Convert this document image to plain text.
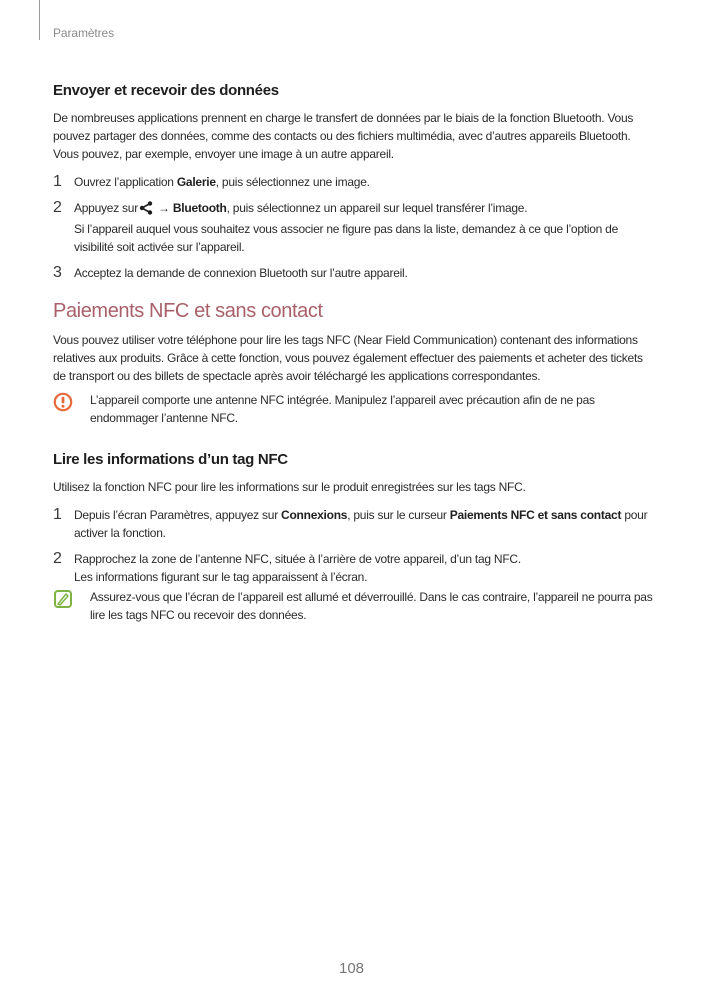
Paramètres
Envoyer et recevoir des données

De nombreuses applications prennent en charge le transfert de données par le biais de la fonction Bluetooth. Vous pouvez partager des données, comme des contacts ou des fichiers multimédia, avec d’autres appareils Bluetooth. Vous pouvez, par exemple, envoyer une image à un autre appareil.

1	Ouvrez l’application Galerie, puis sélectionnez une image.
2	Appuyez sur → Bluetooth, puis sélectionnez un appareil sur lequel transférer l’image.
Si l’appareil auquel vous souhaitez vous associer ne figure pas dans la liste, demandez à ce que l’option de visibilité soit activée sur l’appareil.
3	Acceptez la demande de connexion Bluetooth sur l’autre appareil.
Paiements NFC et sans contact

Vous pouvez utiliser votre téléphone pour lire les tags NFC (Near Field Communication) contenant des informations relatives aux produits. Grâce à cette fonction, vous pouvez également effectuer des paiements et acheter des tickets de transport ou des billets de spectacle après avoir téléchargé les applications correspondantes.

L’appareil comporte une antenne NFC intégrée. Manipulez l’appareil avec précaution afin de ne pas endommager l’antenne NFC.
Lire les informations d’un tag NFC

Utilisez la fonction NFC pour lire les informations sur le produit enregistrées sur les tags NFC.

1	Depuis l’écran Paramètres, appuyez sur Connexions, puis sur le curseur Paiements NFC et sans contact pour activer la fonction.
2	Rapprochez la zone de l’antenne NFC, située à l’arrière de votre appareil, d’un tag NFC.
Les informations figurant sur le tag apparaissent à l’écran.
Assurez-vous que l’écran de l’appareil est allumé et déverrouillé. Dans le cas contraire, l’appareil ne pourra pas lire les tags NFC ou recevoir des données.
108
